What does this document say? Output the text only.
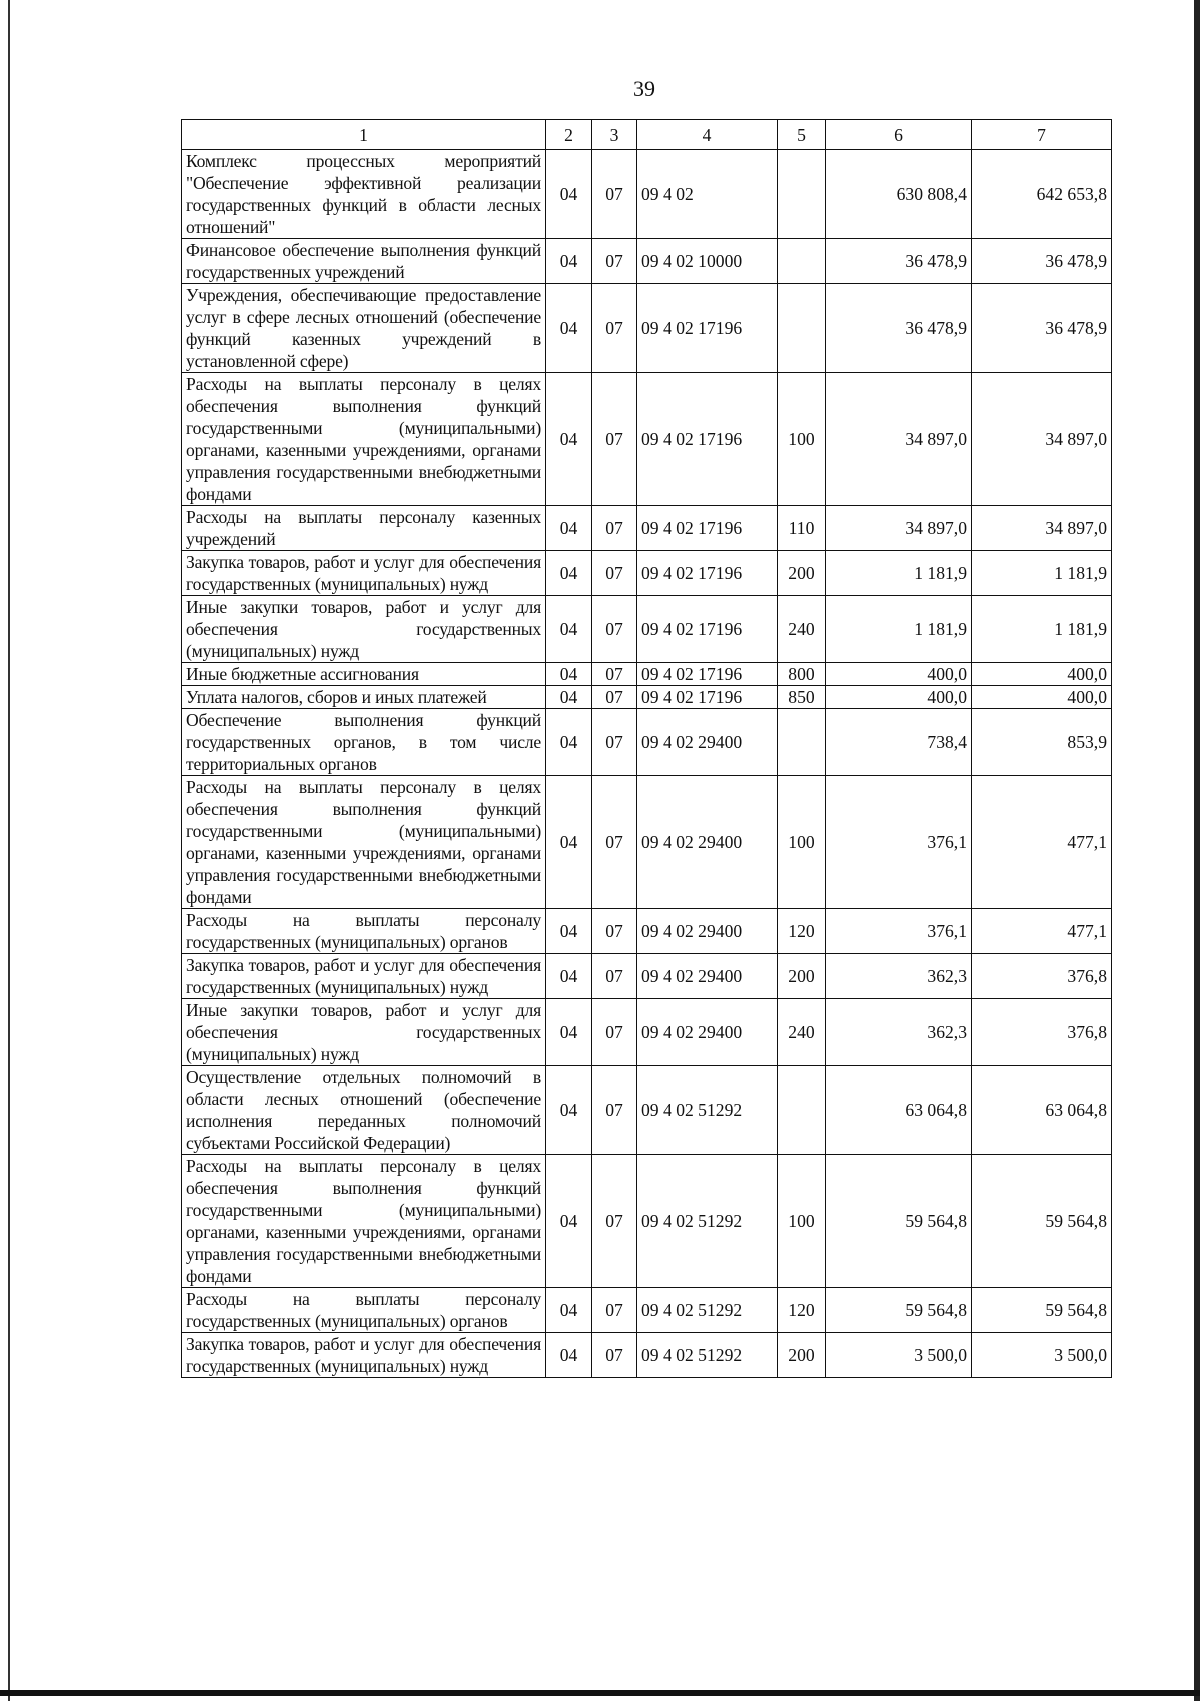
39
1	2	3	4	5	6	7
Комплекс процессных мероприятий "Обеспечение эффективной реализации государственных функций в области лесных отношений"	04	07	09 4 02		630 808,4	642 653,8
Финансовое обеспечение выполнения функций государственных учреждений	04	07	09 4 02 10000		36 478,9	36 478,9
Учреждения, обеспечивающие предоставление услуг в сфере лесных отношений (обеспечение функций казенных учреждений в установленной сфере)	04	07	09 4 02 17196		36 478,9	36 478,9
Расходы на выплаты персоналу в целях обеспечения выполнения функций государственными (муниципальными) органами, казенными учреждениями, органами управления государственными внебюджетными фондами	04	07	09 4 02 17196	100	34 897,0	34 897,0
Расходы на выплаты персоналу казенных учреждений	04	07	09 4 02 17196	110	34 897,0	34 897,0
Закупка товаров, работ и услуг для обеспечения государственных (муниципальных) нужд	04	07	09 4 02 17196	200	1 181,9	1 181,9
Иные закупки товаров, работ и услуг для обеспечения государственных (муниципальных) нужд	04	07	09 4 02 17196	240	1 181,9	1 181,9
Иные бюджетные ассигнования	04	07	09 4 02 17196	800	400,0	400,0
Уплата налогов, сборов и иных платежей	04	07	09 4 02 17196	850	400,0	400,0
Обеспечение выполнения функций государственных органов, в том числе территориальных органов	04	07	09 4 02 29400		738,4	853,9
Расходы на выплаты персоналу в целях обеспечения выполнения функций государственными (муниципальными) органами, казенными учреждениями, органами управления государственными внебюджетными фондами	04	07	09 4 02 29400	100	376,1	477,1
Расходы на выплаты персоналу государственных (муниципальных) органов	04	07	09 4 02 29400	120	376,1	477,1
Закупка товаров, работ и услуг для обеспечения государственных (муниципальных) нужд	04	07	09 4 02 29400	200	362,3	376,8
Иные закупки товаров, работ и услуг для обеспечения государственных (муниципальных) нужд	04	07	09 4 02 29400	240	362,3	376,8
Осуществление отдельных полномочий в области лесных отношений (обеспечение исполнения переданных полномочий субъектами Российской Федерации)	04	07	09 4 02 51292		63 064,8	63 064,8
Расходы на выплаты персоналу в целях обеспечения выполнения функций государственными (муниципальными) органами, казенными учреждениями, органами управления государственными внебюджетными фондами	04	07	09 4 02 51292	100	59 564,8	59 564,8
Расходы на выплаты персоналу государственных (муниципальных) органов	04	07	09 4 02 51292	120	59 564,8	59 564,8
Закупка товаров, работ и услуг для обеспечения государственных (муниципальных) нужд	04	07	09 4 02 51292	200	3 500,0	3 500,0
